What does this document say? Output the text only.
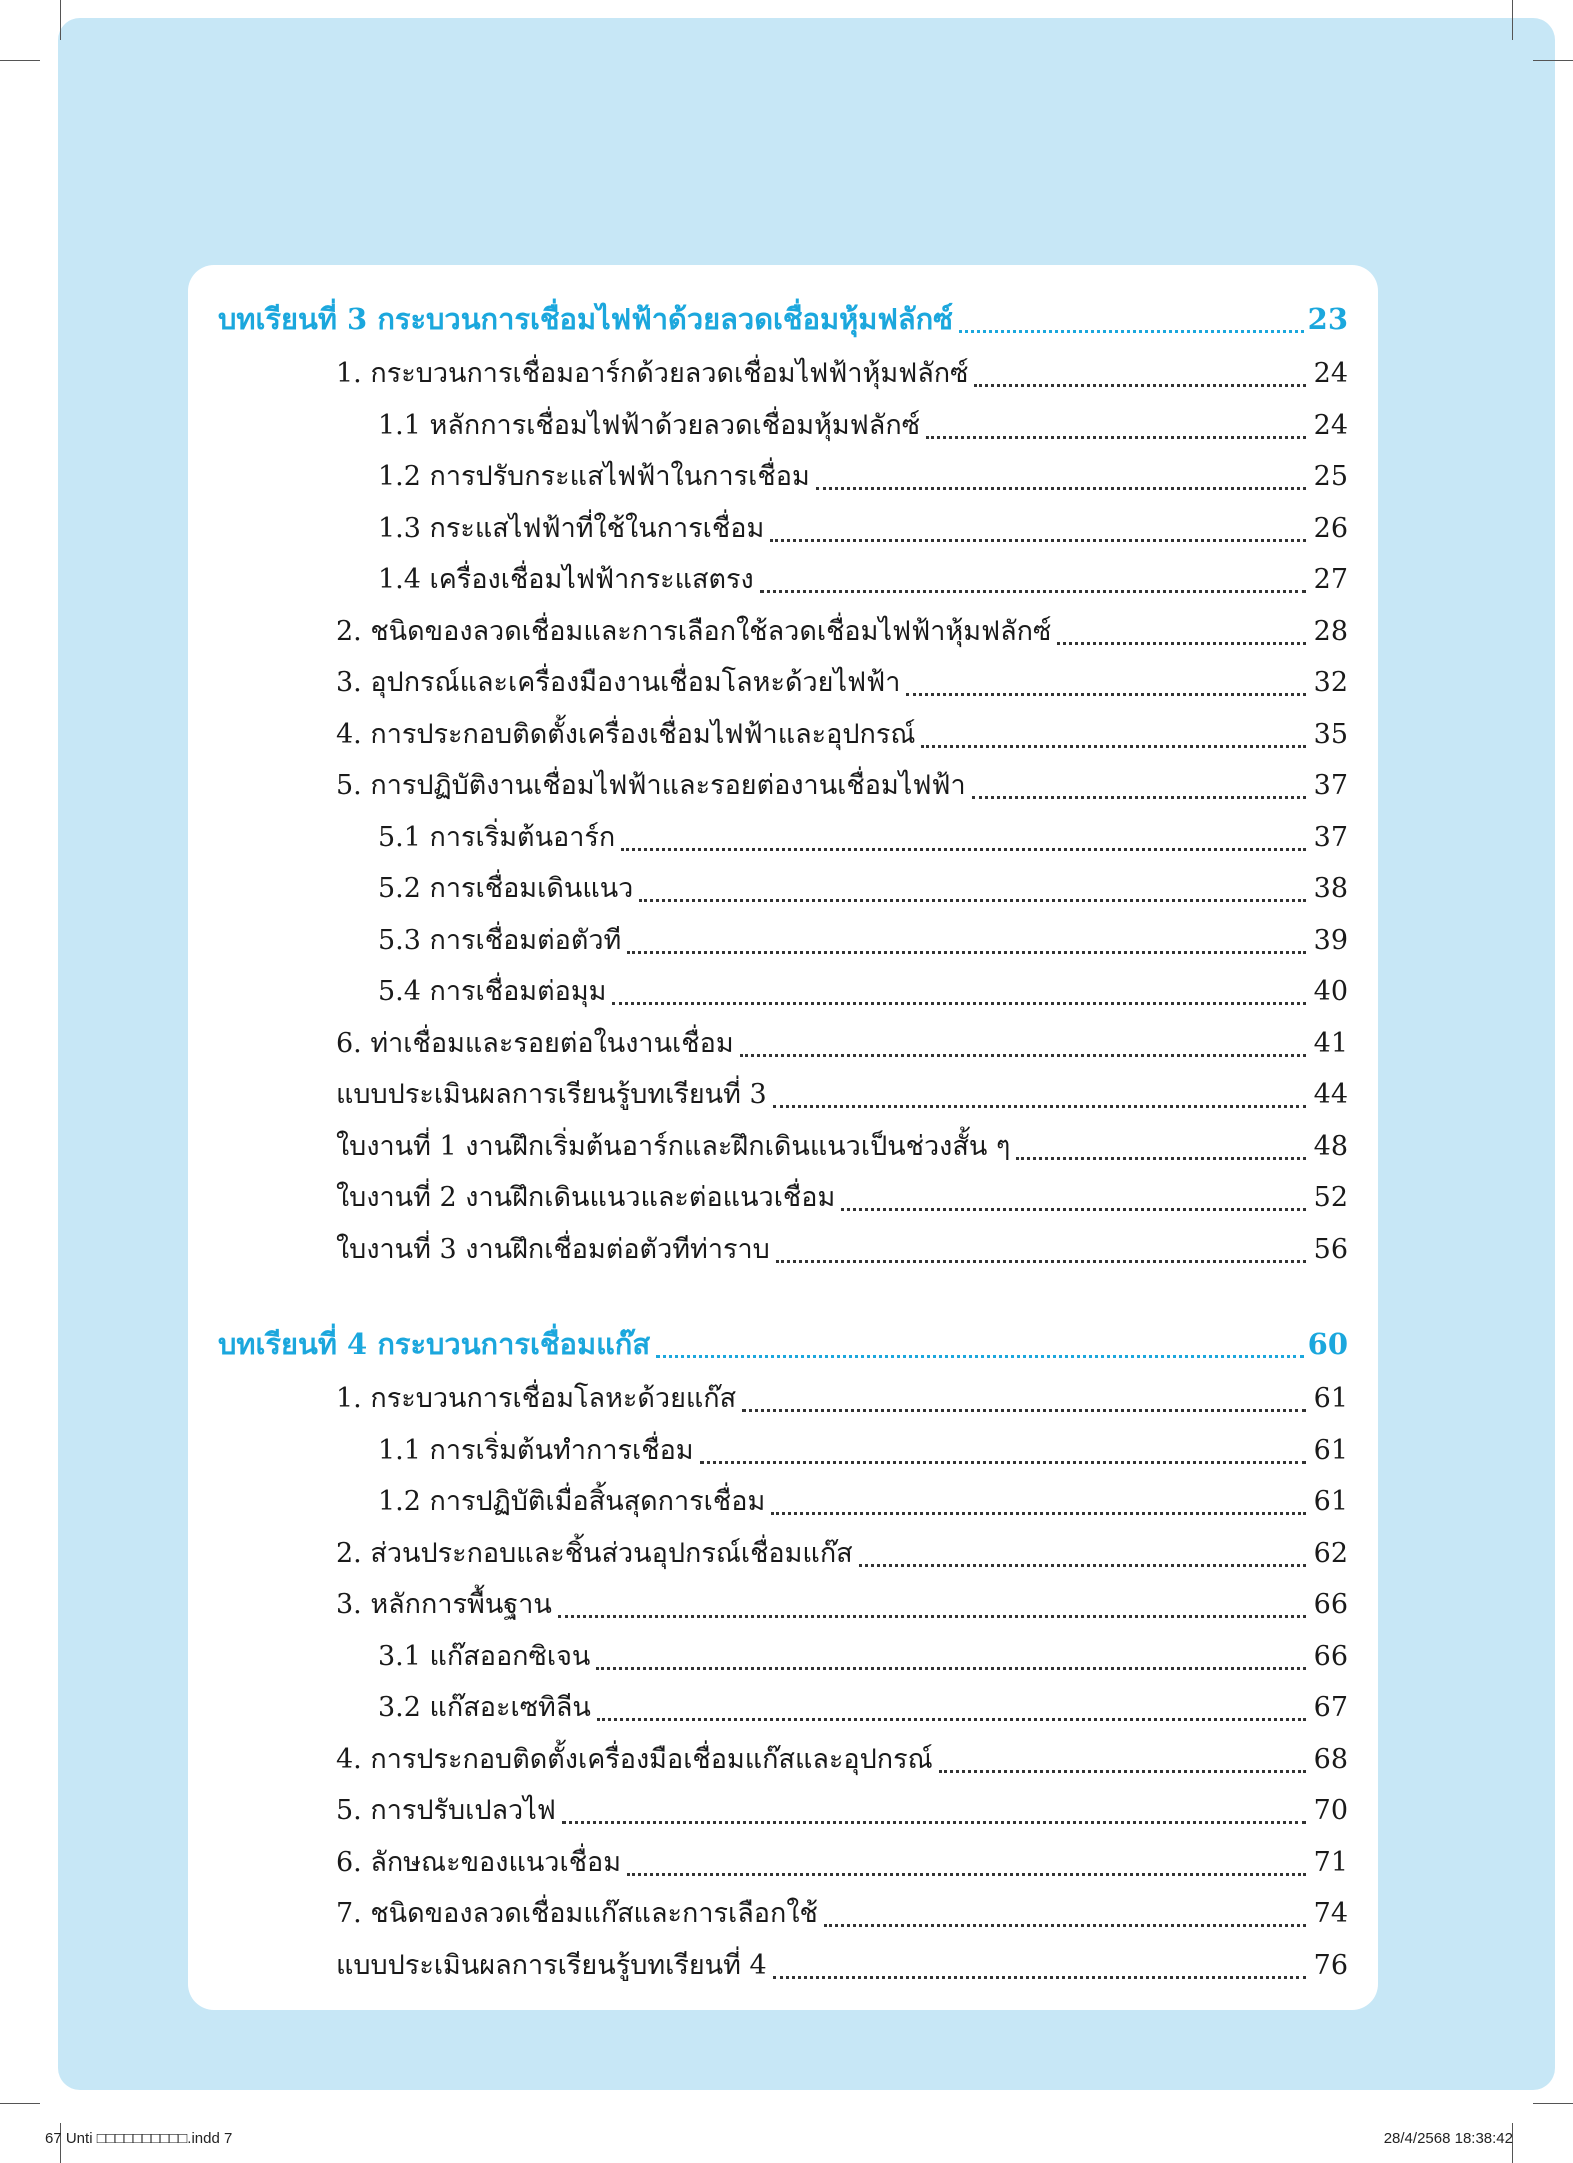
บทเรียนที่ 3 กระบวนการเชื่อมไฟฟ้าด้วยลวดเชื่อมหุ้มฟลักซ์	23
1. กระบวนการเชื่อมอาร์กด้วยลวดเชื่อมไฟฟ้าหุ้มฟลักซ์	24
1.1 หลักการเชื่อมไฟฟ้าด้วยลวดเชื่อมหุ้มฟลักซ์	24
1.2 การปรับกระแสไฟฟ้าในการเชื่อม	25
1.3 กระแสไฟฟ้าที่ใช้ในการเชื่อม	26
1.4 เครื่องเชื่อมไฟฟ้ากระแสตรง	27
2. ชนิดของลวดเชื่อมและการเลือกใช้ลวดเชื่อมไฟฟ้าหุ้มฟลักซ์	28
3. อุปกรณ์และเครื่องมืองานเชื่อมโลหะด้วยไฟฟ้า	32
4. การประกอบติดตั้งเครื่องเชื่อมไฟฟ้าและอุปกรณ์	35
5. การปฏิบัติงานเชื่อมไฟฟ้าและรอยต่องานเชื่อมไฟฟ้า	37
5.1 การเริ่มต้นอาร์ก	37
5.2 การเชื่อมเดินแนว	38
5.3 การเชื่อมต่อตัวที	39
5.4 การเชื่อมต่อมุม	40
6. ท่าเชื่อมและรอยต่อในงานเชื่อม	41
แบบประเมินผลการเรียนรู้บทเรียนที่ 3	44
ใบงานที่ 1 งานฝึกเริ่มต้นอาร์กและฝึกเดินแนวเป็นช่วงสั้น ๆ	48
ใบงานที่ 2 งานฝึกเดินแนวและต่อแนวเชื่อม	52
ใบงานที่ 3 งานฝึกเชื่อมต่อตัวทีท่าราบ	56
บทเรียนที่ 4 กระบวนการเชื่อมแก๊ส	60
1. กระบวนการเชื่อมโลหะด้วยแก๊ส	61
1.1 การเริ่มต้นทำการเชื่อม	61
1.2 การปฏิบัติเมื่อสิ้นสุดการเชื่อม	61
2. ส่วนประกอบและชิ้นส่วนอุปกรณ์เชื่อมแก๊ส	62
3. หลักการพื้นฐาน	66
3.1 แก๊สออกซิเจน	66
3.2 แก๊สอะเซทิลีน	67
4. การประกอบติดตั้งเครื่องมือเชื่อมแก๊สและอุปกรณ์	68
5. การปรับเปลวไฟ	70
6. ลักษณะของแนวเชื่อม	71
7. ชนิดของลวดเชื่อมแก๊สและการเลือกใช้	74
แบบประเมินผลการเรียนรู้บทเรียนที่ 4	76
67 Unti □□□□□□□□□□.indd 7	28/4/2568 18:38:42
